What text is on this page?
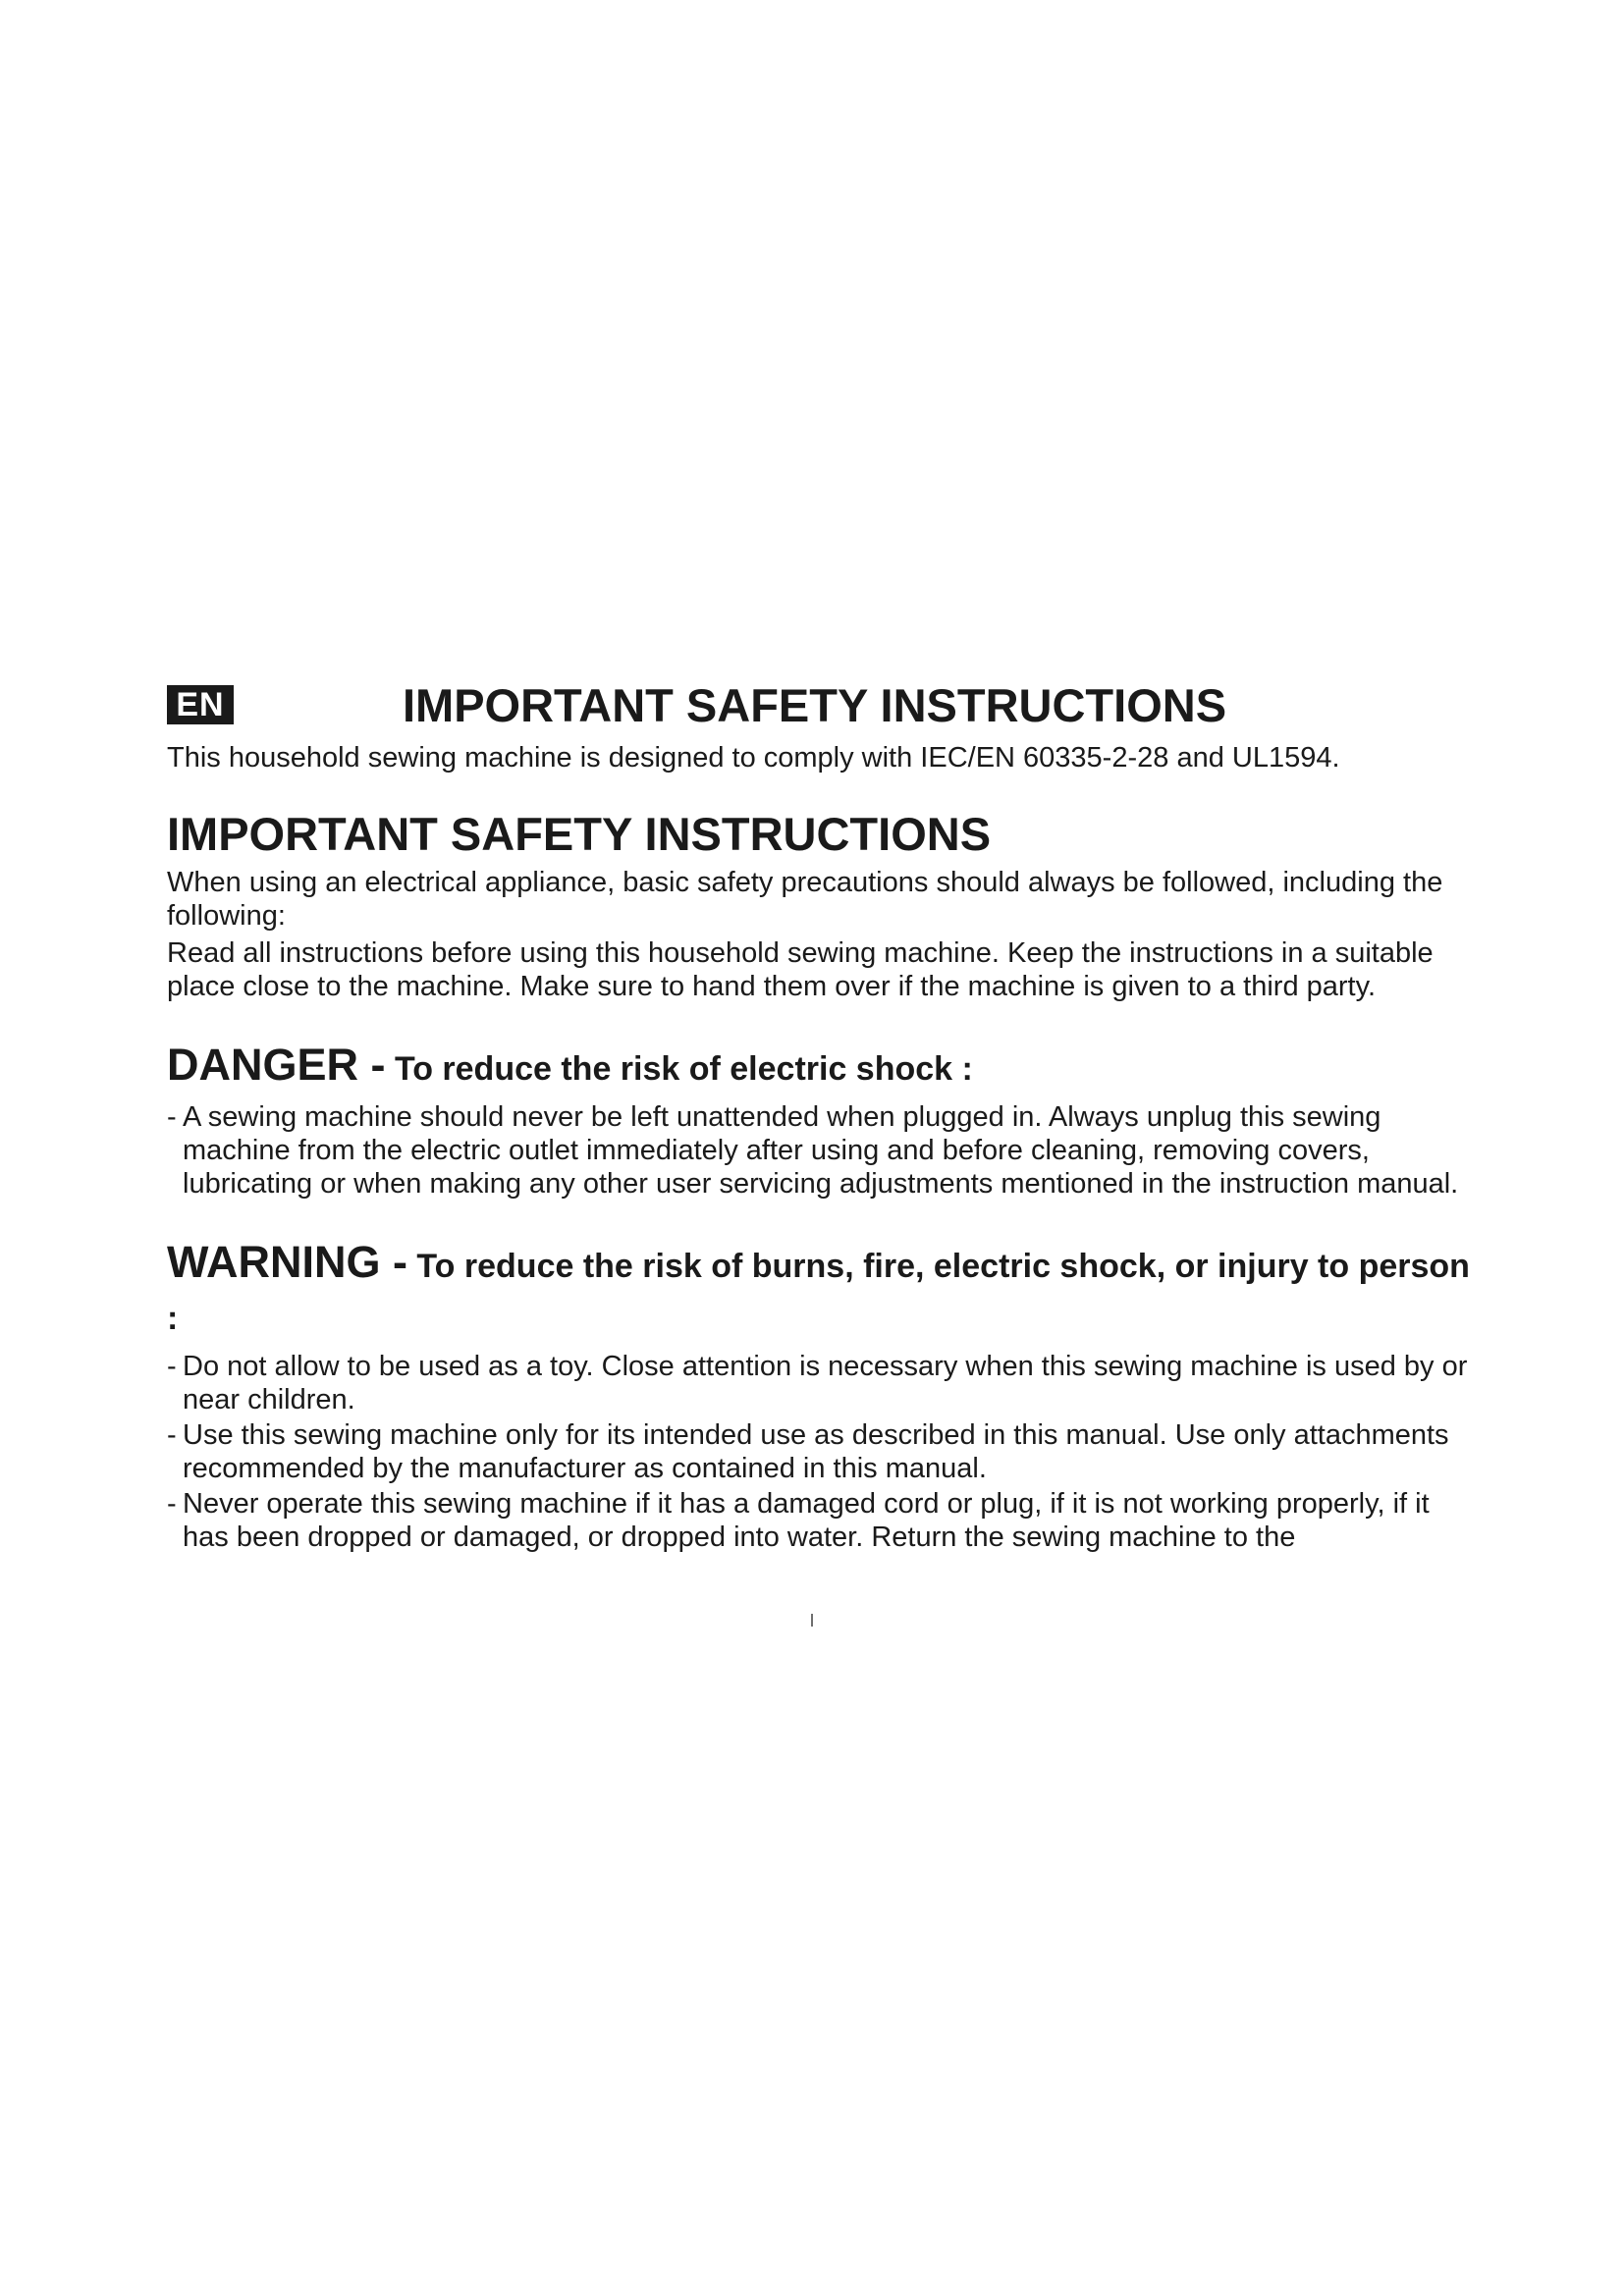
EN	IMPORTANT SAFETY INSTRUCTIONS

This household sewing machine is designed to comply with IEC/EN 60335-2-28 and UL1594.

IMPORTANT SAFETY INSTRUCTIONS

When using an electrical appliance, basic safety precautions should always be followed, including the following:

Read all instructions before using this household sewing machine. Keep the instructions in a suitable place close to the machine. Make sure to hand them over if the machine is given to a third party.

DANGER - To reduce the risk of electric shock :
- A sewing machine should never be left unattended when plugged in. Always unplug this sewing machine from the electric outlet immediately after using and before cleaning, removing covers, lubricating or when making any other user servicing adjustments mentioned in the instruction manual.
WARNING - To reduce the risk of burns, fire, electric shock, or injury to person :
- Do not allow to be used as a toy. Close attention is necessary when this sewing machine is used by or near children.
- Use this sewing machine only for its intended use as described in this manual. Use only attachments recommended by the manufacturer as contained in this manual.
- Never operate this sewing machine if it has a damaged cord or plug, if it is not working properly, if it has been dropped or damaged, or dropped into water. Return the sewing machine to the
I
